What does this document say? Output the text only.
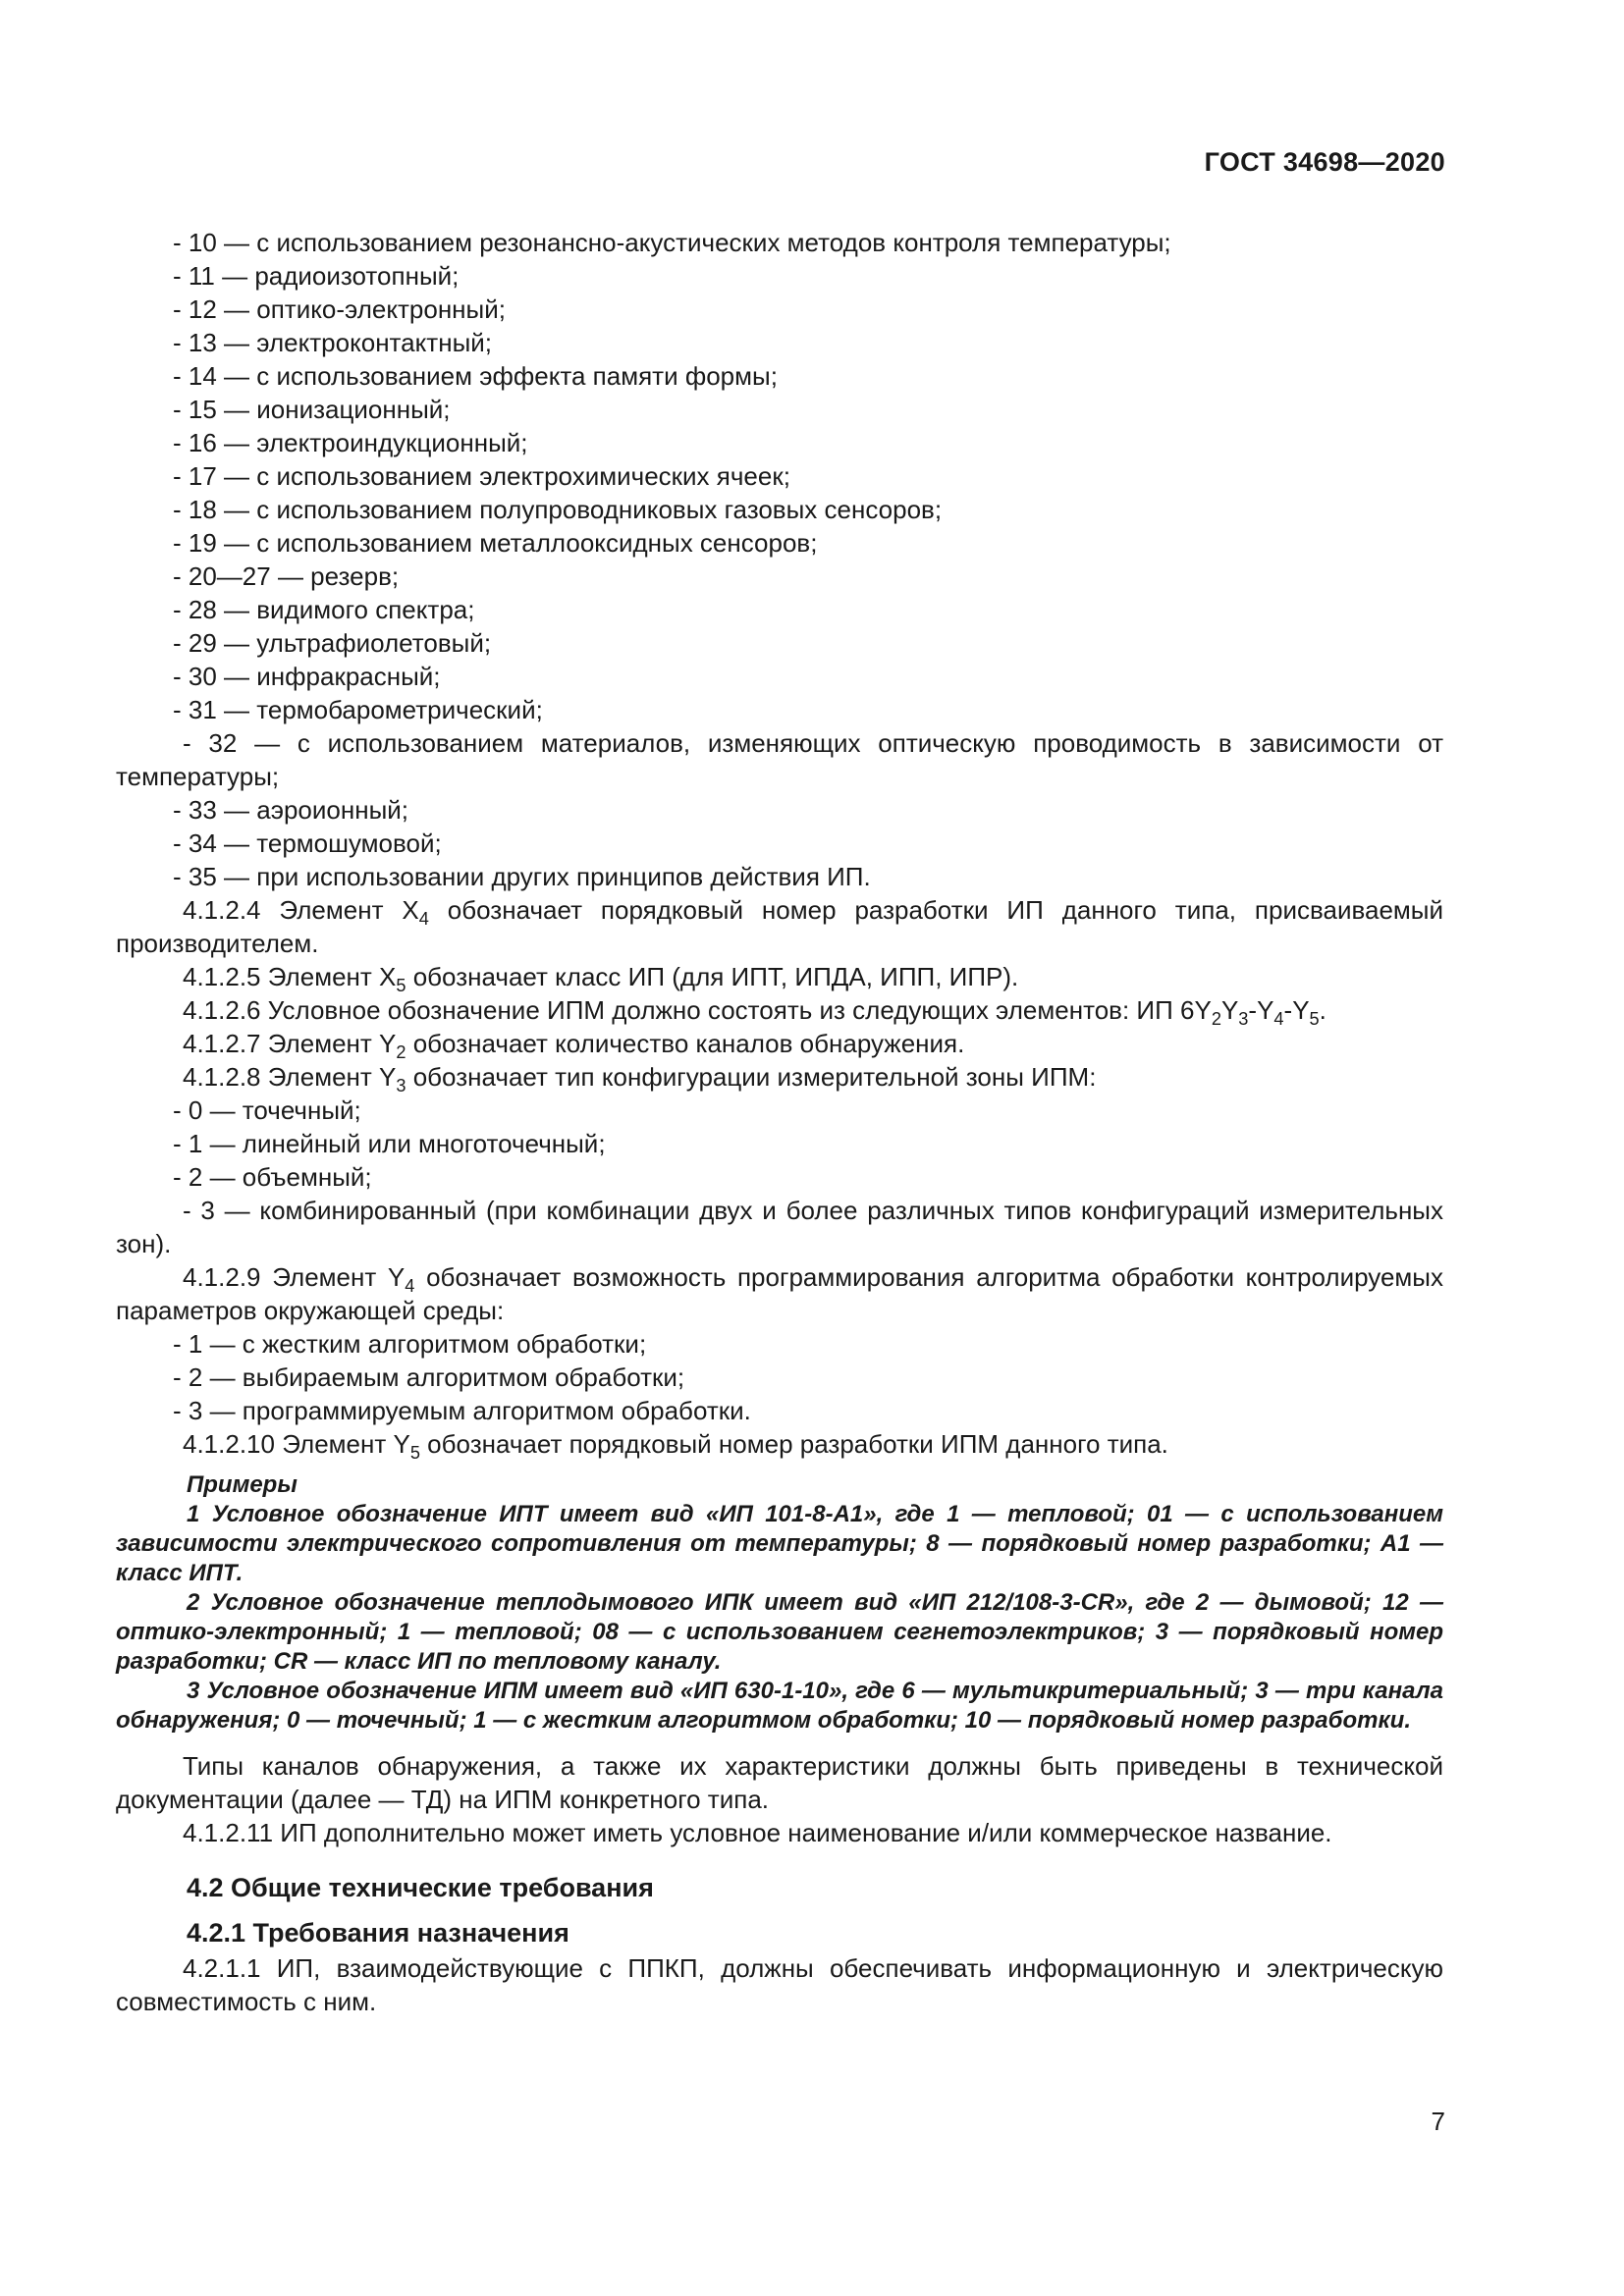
ГОСТ 34698—2020

- 10 — с использованием резонансно-акустических методов контроля температуры;

- 11 — радиоизотопный;

- 12 — оптико-электронный;

- 13 — электроконтактный;

- 14 — с использованием эффекта памяти формы;

- 15 — ионизационный;

- 16 — электроиндукционный;

- 17 — с использованием электрохимических ячеек;

- 18 — с использованием полупроводниковых газовых сенсоров;

- 19 — с использованием металлооксидных сенсоров;

- 20—27 — резерв;

- 28 — видимого спектра;

- 29 — ультрафиолетовый;

- 30 — инфракрасный;

- 31 — термобарометрический;

- 32 — с использованием материалов, изменяющих оптическую проводимость в зависимости от температуры;

- 33 — аэроионный;

- 34 — термошумовой;

- 35 — при использовании других принципов действия ИП.

4.1.2.4 Элемент $X_4$ обозначает порядковый номер разработки ИП данного типа, присваиваемый производителем.

4.1.2.5 Элемент $X_5$ обозначает класс ИП (для ИПТ, ИПДА, ИПП, ИПР).

4.1.2.6 Условное обозначение ИПМ должно состоять из следующих элементов: ИП $6Y_2Y_3-Y_4-Y_5$.

4.1.2.7 Элемент $Y_2$ обозначает количество каналов обнаружения.

4.1.2.8 Элемент $Y_3$ обозначает тип конфигурации измерительной зоны ИПМ:

- 0 — точечный;

- 1 — линейный или многоточечный;

- 2 — объемный;

- 3 — комбинированный (при комбинации двух и более различных типов конфигураций измерительных зон).

4.1.2.9 Элемент $Y_4$ обозначает возможность программирования алгоритма обработки контролируемых параметров окружающей среды:

- 1 — с жестким алгоритмом обработки;

- 2 — выбираемым алгоритмом обработки;

- 3 — программируемым алгоритмом обработки.

4.1.2.10 Элемент $Y_5$ обозначает порядковый номер разработки ИПМ данного типа.

Примеры

1 Условное обозначение ИПТ имеет вид «ИП 101-8-А1», где 1 — тепловой; 01 — с использованием зависимости электрического сопротивления от температуры; 8 — порядковый номер разработки; А1 — класс ИПТ.

2 Условное обозначение теплодымового ИПК имеет вид «ИП 212/108-3-CR», где 2 — дымовой; 12 — оптико-электронный; 1 — тепловой; 08 — с использованием сегнетоэлектриков; 3 — порядковый номер разработки; CR — класс ИП по тепловому каналу.

3 Условное обозначение ИПМ имеет вид «ИП 630-1-10», где 6 — мультикритериальный; 3 — три канала обнаружения; 0 — точечный; 1 — с жестким алгоритмом обработки; 10 — порядковый номер разработки.

Типы каналов обнаружения, а также их характеристики должны быть приведены в технической документации (далее — ТД) на ИПМ конкретного типа.

4.1.2.11 ИП дополнительно может иметь условное наименование и/или коммерческое название.

4.2 Общие технические требования
4.2.1 Требования назначения

4.2.1.1 ИП, взаимодействующие с ППКП, должны обеспечивать информационную и электрическую совместимость с ним.

7
